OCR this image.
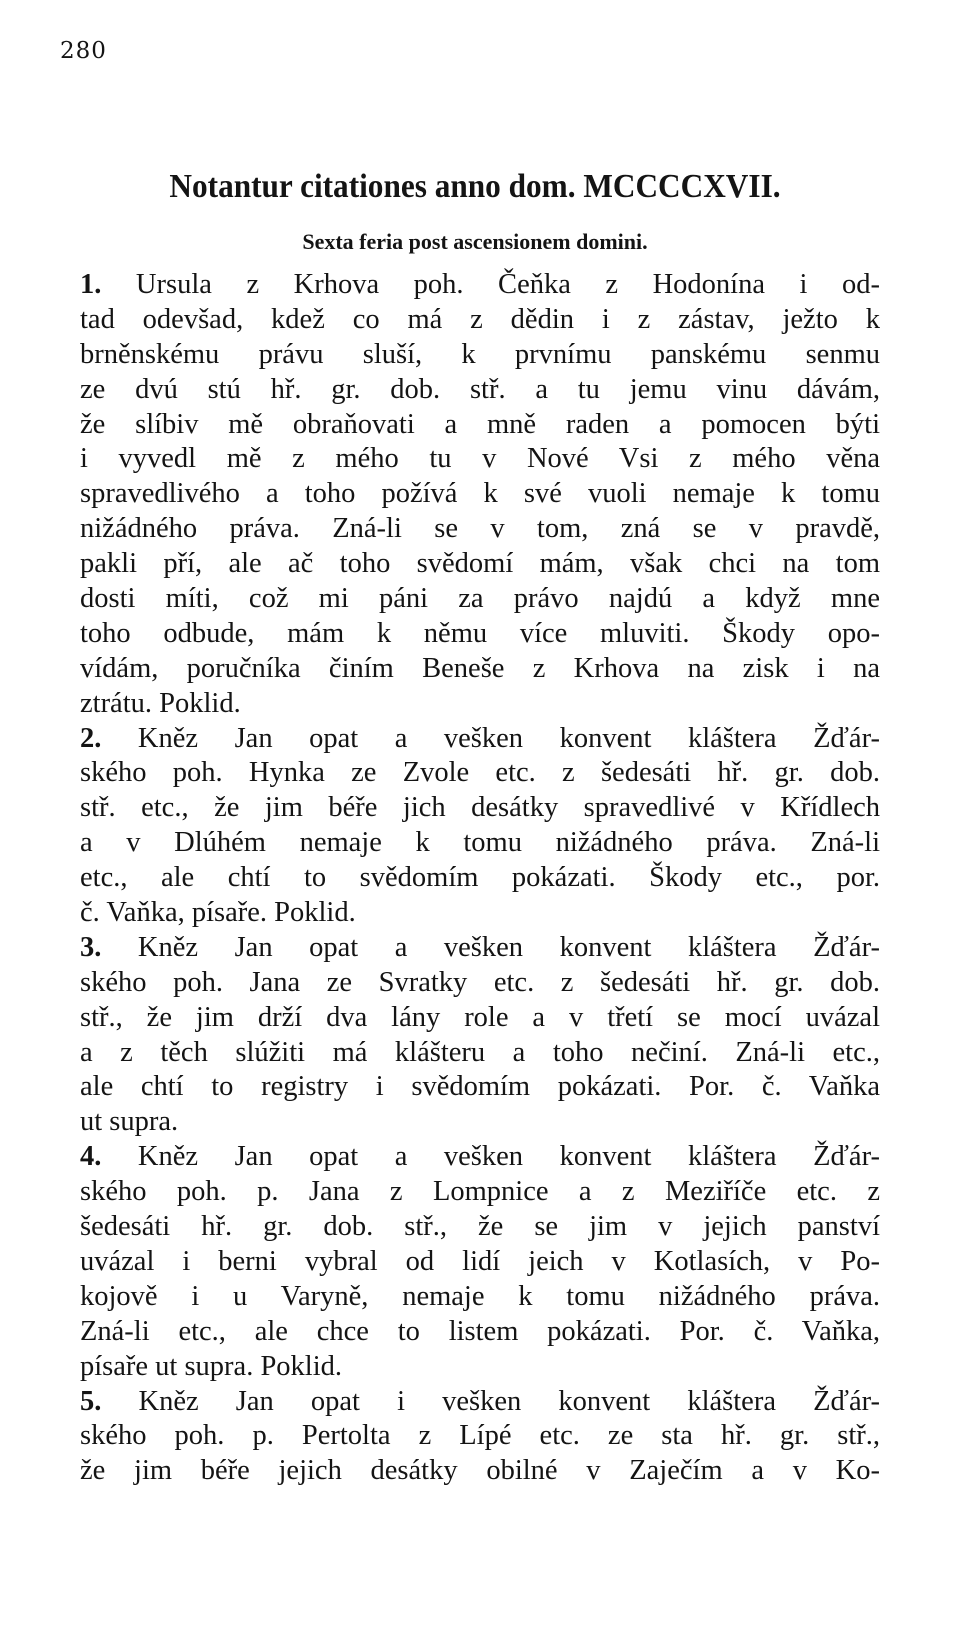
280
Notantur citationes anno dom. MCCCCXVII.
Sexta feria post ascensionem domini.
1. Ursula z Krhova poh. Čeňka z Hodonína i od-
tad odevšad, kdež co má z dědin i z zástav, ježto k
brněnskému právu sluší, k prvnímu panskému senmu
ze dvú stú hř. gr. dob. stř. a tu jemu vinu dávám,
že slíbiv mě obraňovati a mně raden a pomocen býti
i vyvedl mě z mého tu v Nové Vsi z mého věna
spravedlivého a toho požívá k své vuoli nemaje k tomu
nižádného práva. Zná-li se v tom, zná se v pravdě,
pakli pří, ale ač toho svědomí mám, však chci na tom
dosti míti, což mi páni za právo najdú a když mne
toho odbude, mám k němu více mluviti. Škody opo-
vídám, poručníka činím Beneše z Krhova na zisk i na
ztrátu. Poklid.
2. Kněz Jan opat a vešken konvent kláštera Žďár-
ského poh. Hynka ze Zvole etc. z šedesáti hř. gr. dob.
stř. etc., že jim béře jich desátky spravedlivé v Křídlech
a v Dlúhém nemaje k tomu nižádného práva. Zná-li
etc., ale chtí to svědomím pokázati. Škody etc., por.
č. Vaňka, písaře. Poklid.
3. Kněz Jan opat a vešken konvent kláštera Žďár-
ského poh. Jana ze Svratky etc. z šedesáti hř. gr. dob.
stř., že jim drží dva lány role a v třetí se mocí uvázal
a z těch slúžiti má klášteru a toho nečiní. Zná-li etc.,
ale chtí to registry i svědomím pokázati. Por. č. Vaňka
ut supra.
4. Kněz Jan opat a vešken konvent kláštera Žďár-
ského poh. p. Jana z Lompnice a z Meziříče etc. z
šedesáti hř. gr. dob. stř., že se jim v jejich panství
uvázal i berni vybral od lidí jeich v Kotlasích, v Po-
kojově i u Varyně, nemaje k tomu nižádného práva.
Zná-li etc., ale chce to listem pokázati. Por. č. Vaňka,
písaře ut supra. Poklid.
5. Kněz Jan opat i vešken konvent kláštera Žďár-
ského poh. p. Pertolta z Lípé etc. ze sta hř. gr. stř.,
že jim béře jejich desátky obilné v Zaječím a v Ko-
